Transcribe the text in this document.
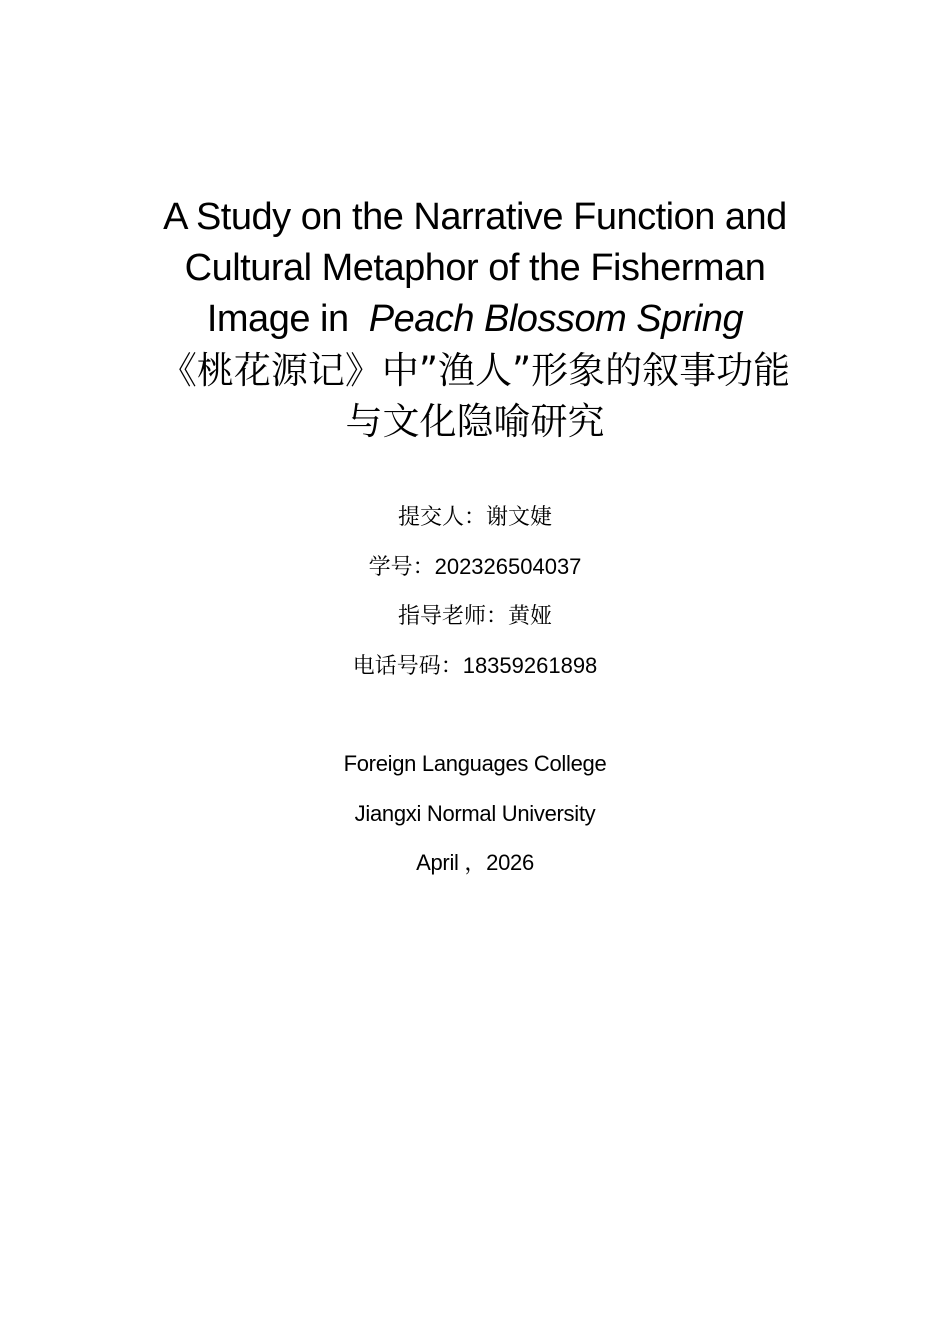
A Study on the Narrative Function and
Cultural Metaphor of the Fisherman
Image in Peach Blossom Spring
《桃花源记》中”渔人”形象的叙事功能
与文化隐喻研究
提交人：谢文婕
学号：202326504037
指导老师：黄娅
电话号码：18359261898
Foreign Languages College
Jiangxi Normal University
April ，2026
